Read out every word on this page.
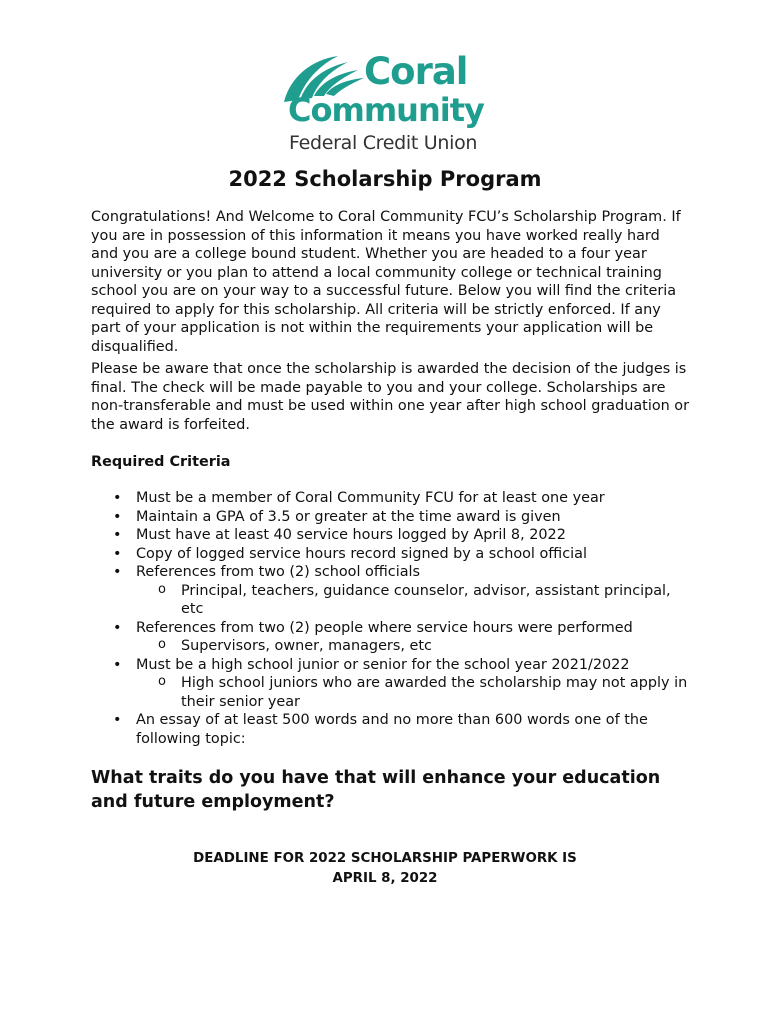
Coral
Community
Federal Credit Union
2022 Scholarship Program

Congratulations! And Welcome to Coral Community FCU’s Scholarship Program. If you are in possession of this information it means you have worked really hard and you are a college bound student. Whether you are headed to a four year university or you plan to attend a local community college or technical training school you are on your way to a successful future. Below you will find the criteria required to apply for this scholarship. All criteria will be strictly enforced. If any part of your application is not within the requirements your application will be disqualified.

Please be aware that once the scholarship is awarded the decision of the judges is final. The check will be made payable to you and your college. Scholarships are non-transferable and must be used within one year after high school graduation or the award is forfeited.

Required Criteria
• Must be a member of Coral Community FCU for at least one year
• Maintain a GPA of 3.5 or greater at the time award is given
• Must have at least 40 service hours logged by April 8, 2022
• Copy of logged service hours record signed by a school official
• References from two (2) school officials
o Principal, teachers, guidance counselor, advisor, assistant principal, etc
• References from two (2) people where service hours were performed
o Supervisors, owner, managers, etc
• Must be a high school junior or senior for the school year 2021/2022
o High school juniors who are awarded the scholarship may not apply in their senior year
• An essay of at least 500 words and no more than 600 words one of the following topic:
What traits do you have that will enhance your education and future employment?
DEADLINE FOR 2022 SCHOLARSHIP PAPERWORK IS
APRIL 8, 2022
